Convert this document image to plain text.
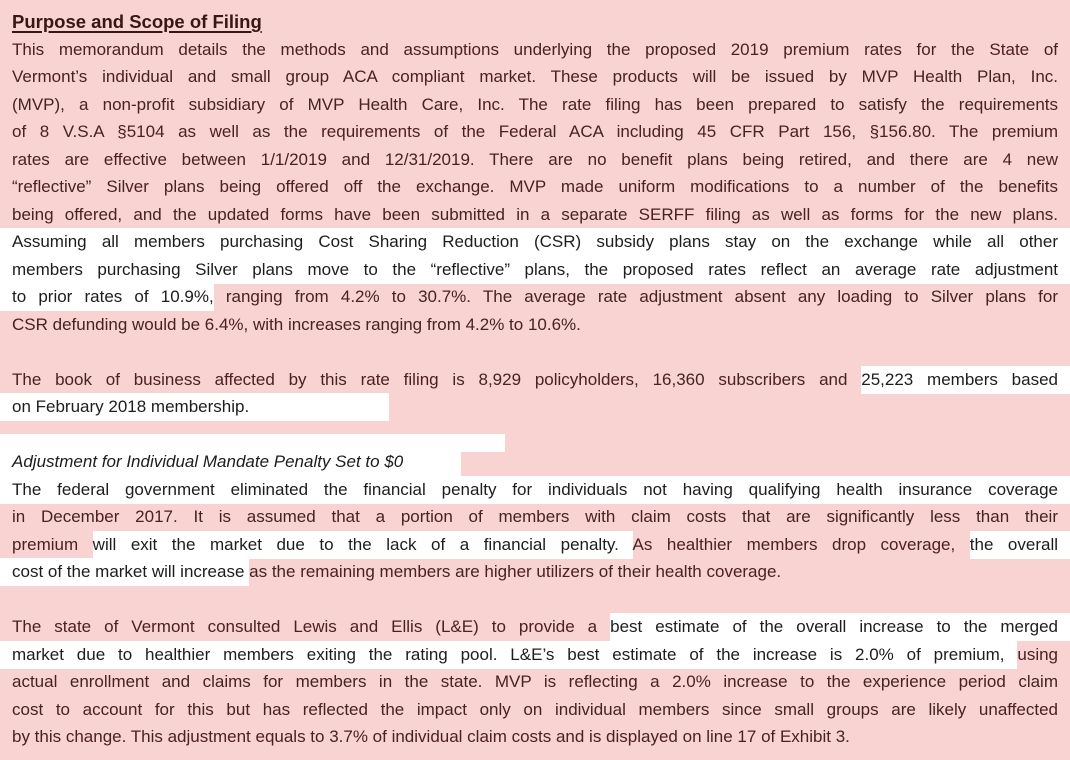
Purpose and Scope of Filing
This memorandum details the methods and assumptions underlying the proposed 2019 premium rates for the State of
Vermont’s individual and small group ACA compliant market. These products will be issued by MVP Health Plan, Inc.
(MVP), a non-profit subsidiary of MVP Health Care, Inc. The rate filing has been prepared to satisfy the requirements
of 8 V.S.A §5104 as well as the requirements of the Federal ACA including 45 CFR Part 156, §156.80. The premium
rates are effective between 1/1/2019 and 12/31/2019. There are no benefit plans being retired, and there are 4 new
“reflective” Silver plans being offered off the exchange. MVP made uniform modifications to a number of the benefits
being offered, and the updated forms have been submitted in a separate SERFF filing as well as forms for the new plans.
Assuming all members purchasing Cost Sharing Reduction (CSR) subsidy plans stay on the exchange while all other
members purchasing Silver plans move to the “reflective” plans, the proposed rates reflect an average rate adjustment
to prior rates of 10.9%, ranging from 4.2% to 30.7%. The average rate adjustment absent any loading to Silver plans for
CSR defunding would be 6.4%, with increases ranging from 4.2% to 10.6%.
The book of business affected by this rate filing is 8,929 policyholders, 16,360 subscribers and 25,223 members based
on February 2018 membership.
Adjustment for Individual Mandate Penalty Set to $0
The federal government eliminated the financial penalty for individuals not having qualifying health insurance coverage
in December 2017. It is assumed that a portion of members with claim costs that are significantly less than their
premium will exit the market due to the lack of a financial penalty. As healthier members drop coverage, the overall
cost of the market will increase as the remaining members are higher utilizers of their health coverage.
The state of Vermont consulted Lewis and Ellis (L&E) to provide a best estimate of the overall increase to the merged
market due to healthier members exiting the rating pool. L&E’s best estimate of the increase is 2.0% of premium, using
actual enrollment and claims for members in the state. MVP is reflecting a 2.0% increase to the experience period claim
cost to account for this but has reflected the impact only on individual members since small groups are likely unaffected
by this change. This adjustment equals to 3.7% of individual claim costs and is displayed on line 17 of Exhibit 3.
